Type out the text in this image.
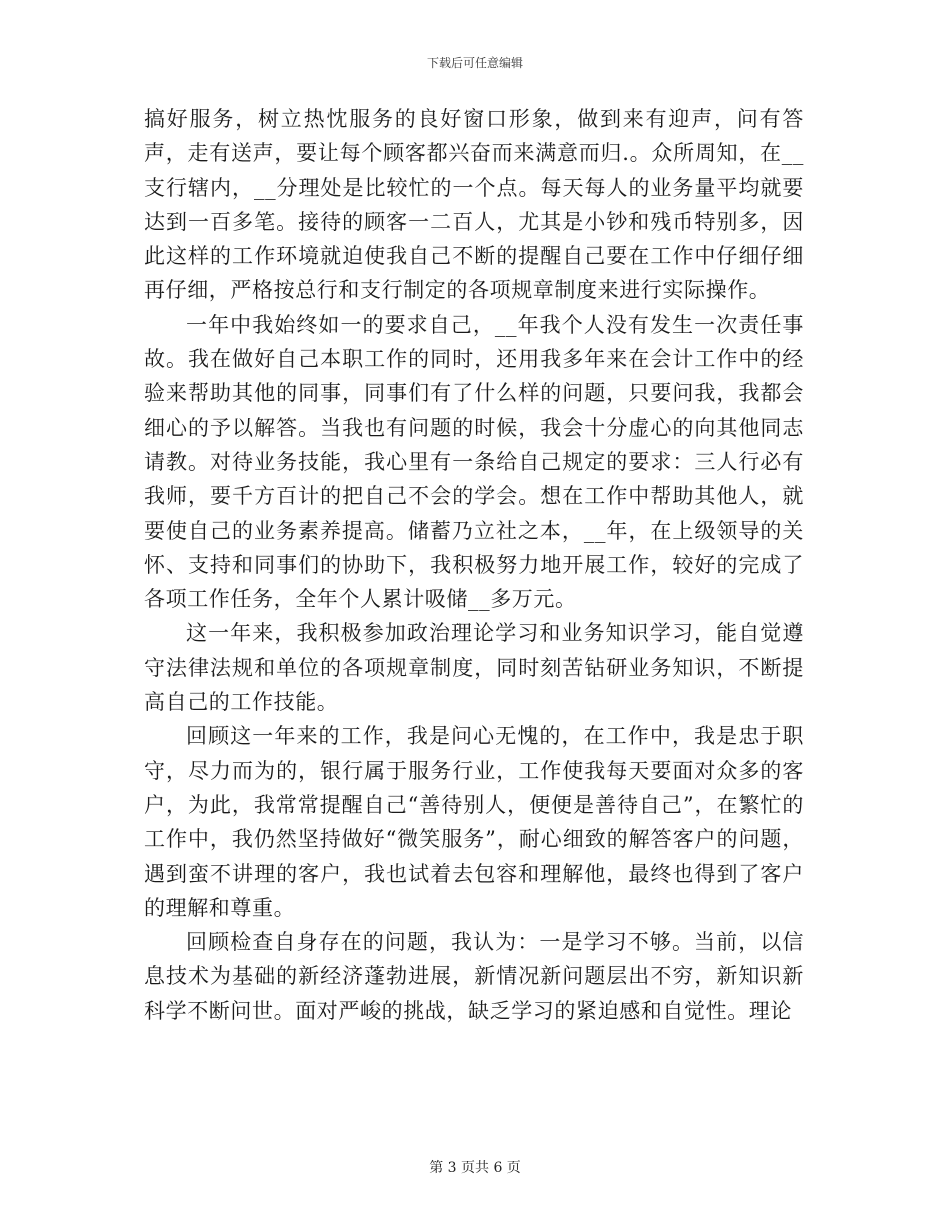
下载后可任意编辑

搞好服务，树立热忱服务的良好窗口形象，做到来有迎声，问有答声，走有送声，要让每个顾客都兴奋而来满意而归.。众所周知，在__支行辖内，__分理处是比较忙的一个点。每天每人的业务量平均就要达到一百多笔。接待的顾客一二百人，尤其是小钞和残币特别多，因此这样的工作环境就迫使我自己不断的提醒自己要在工作中仔细仔细再仔细，严格按总行和支行制定的各项规章制度来进行实际操作。

一年中我始终如一的要求自己，__年我个人没有发生一次责任事故。我在做好自己本职工作的同时，还用我多年来在会计工作中的经验来帮助其他的同事，同事们有了什么样的问题，只要问我，我都会细心的予以解答。当我也有问题的时候，我会十分虚心的向其他同志请教。对待业务技能，我心里有一条给自己规定的要求：三人行必有我师，要千方百计的把自己不会的学会。想在工作中帮助其他人，就要使自己的业务素养提高。储蓄乃立社之本，__年，在上级领导的关怀、支持和同事们的协助下，我积极努力地开展工作，较好的完成了各项工作任务，全年个人累计吸储__多万元。

这一年来，我积极参加政治理论学习和业务知识学习，能自觉遵守法律法规和单位的各项规章制度，同时刻苦钻研业务知识，不断提高自己的工作技能。

回顾这一年来的工作，我是问心无愧的，在工作中，我是忠于职守，尽力而为的，银行属于服务行业，工作使我每天要面对众多的客户，为此，我常常提醒自己“善待别人，便便是善待自己”，在繁忙的工作中，我仍然坚持做好“微笑服务”，耐心细致的解答客户的问题，遇到蛮不讲理的客户，我也试着去包容和理解他，最终也得到了客户的理解和尊重。

回顾检查自身存在的问题，我认为：一是学习不够。当前，以信息技术为基础的新经济蓬勃进展，新情况新问题层出不穷，新知识新科学不断问世。面对严峻的挑战，缺乏学习的紧迫感和自觉性。理论

第 3 页共 6 页
